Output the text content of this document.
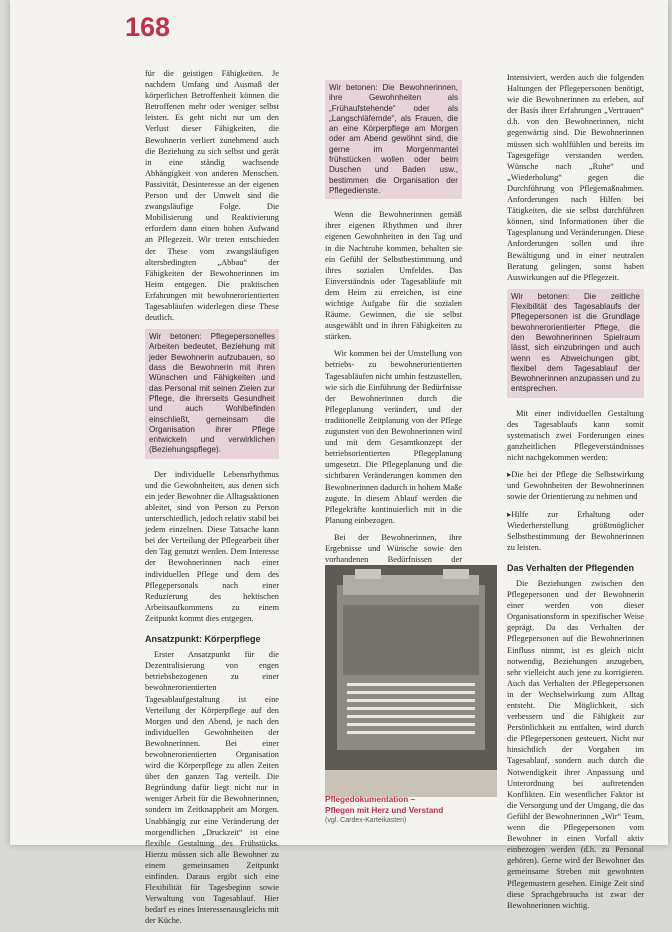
168

für die geistigen Fähigkeiten. Je nachdem Umfang und Ausmaß der körperlichen Betroffenheit können die Betroffenen mehr oder weniger selbst leisten. Es geht nicht nur um den Verlust dieser Fähigkeiten, die Bewohnerin verliert zunehmend auch die Beziehung zu sich selbst und gerät in eine ständig wachsende Abhängigkeit von anderen Menschen. Passivität, Desinteresse an der eigenen Person und der Umwelt sind die zwangsläufige Folge. Die Mobilisierung und Reaktivierung erfordern dann einen hohen Aufwand an Pflegezeit. Wir treten entschieden der These vom zwangsläufigen altersbedingten „Abbau“ der Fähigkeiten der Bewohnerinnen im Heim entgegen. Die praktischen Erfahrungen mit bewohnerorientierten Tagesabläufen widerlegen diese These deutlich.

Wir betonen: Pflegepersonelles Arbeiten bedeutet, Beziehung mit jeder Bewohnerin aufzubauen, so dass die Bewohnerin mit ihren Wünschen und Fähigkeiten und das Personal mit seinen Zielen zur Pflege, die ihrerseits Gesundheit und auch Wohlbefinden einschließt, gemeinsam die Organisation ihrer Pflege entwickeln und verwirklichen (Beziehungspflege).

Der individuelle Lebensrhythmus und die Gewohnheiten, aus denen sich ein jeder Bewohner die Alltagsaktionen ableitet, sind von Person zu Person unterschiedlich, jedoch relativ stabil bei jedem einzelnen. Diese Tatsache kann bei der Verteilung der Pflegearbeit über den Tag genutzt werden. Dem Interesse der Bewohnerinnen nach einer individuellen Pflege und dem des Pflegepersonals nach einer Reduzierung des hektischen Arbeitsaufkommens zu einem Zeitpunkt kommt dies entgegen.

Ansatzpunkt: Körperpflege

Erster Ansatzpunkt für die Dezentralisierung von engen betriebsbezogenen zu einer bewohnerorientierten Tagesablaufgestaltung ist eine Verteilung der Körperpflege auf den Morgen und den Abend, je nach den individuellen Gewohnheiten der Bewohnerinnen. Bei einer bewohnerorientierten Organisation wird die Körperpflege zu allen Zeiten über den ganzen Tag verteilt. Die Begründung dafür liegt nicht nur in weniger Arbeit für die Bewohnerinnen, sondern im Zeitknappheit am Morgen. Unabhängig zur eine Veränderung der morgendlichen „Druckzeit“ ist eine flexible Gestaltung des Frühstücks. Hierzu müssen sich alle Bewohner zu einem gemeinsamen Zeitpunkt einfinden. Daraus ergibt sich eine Flexibilität für Tagesbeginn sowie Verwaltung von Tagesablauf. Hier bedarf es eines Interessenausgleichs mit der Küche.

Wir betonen: Die Bewohnerinnen, ihre Gewohnheiten als „Frühaufstehende“ oder als „Langschläfernde“, als Frauen, die an eine Körperpflege am Morgen oder am Abend gewöhnt sind, die gerne im Morgenmantel frühstücken wollen oder beim Duschen und Baden usw., bestimmen die Organisation der Pflegedienste.

Wenn die Bewohnerinnen gemäß ihrer eigenen Rhythmen und ihrer eigenen Gewohnheiten in den Tag und in die Nachtruhe kommen, behalten sie ein Gefühl der Selbstbestimmung und ihres sozialen Umfeldes. Das Einverständnis oder Tagesabläufe mit dem Heim zu erreichen, ist eine wichtige Aufgabe für die sozialen Räume. Gewinnen, die sie selbst ausgewählt und in ihren Fähigkeiten zu stärken.

Wir kommen bei der Umstellung von betriebs- zu bewohnerorientierten Tagesabläufen nicht umhin festzustellen, wie sich die Einführung der Bedürfnisse der Bewohnerinnen durch die Pflegeplanung verändert, und der traditionelle Zeitplanung von der Pflege zugunsten von den Bewohnerinnen wird und mit dem Gesamtkonzept der betriebsorientierten Pflegeplanung umgesetzt. Die Pflegeplanung und die sichtbaren Veränderungen kommen den Bewohnerinnen dadurch in hohem Maße zugute. In diesem Ablauf werden die Pflegekräfte kontinuierlich mit in die Planung einbezogen.

Bei der Bewohnerinnen, ihre Ergebnisse und Wünsche sowie den vorhandenen Bedürfnissen der

Pflegedokumentation –
Pflegen mit Herz und Verstand
(vgl. Cardex-Karteikasten)

Intensiviert, werden auch die folgenden Haltungen der Pflegepersonen benötigt, wie die Bewohnerinnen zu erleben, auf der Basis ihrer Erfahrungen „Vertrauen“ d.h. von den Bewohnerinnen, nicht gegenwärtig sind. Die Bewohnerinnen müssen sich wohlfühlen und bereits im Tagesgefüge verstanden werden. Wünsche nach „Ruhe“ und „Wiederholung“ gegen die Durchführung von Pflegemaßnahmen. Anforderungen nach Hilfen bei Tätigkeiten, die sie selbst durchführen können, sind Informationen über die Tagesplanung und Veränderungen. Diese Anforderungen sollen und ihre Bewältigung und in einer neutralen Beratung gelingen, sonst haben Auswirkungen auf die Pflegezeit.

Wir betonen: Die zeitliche Flexibilität des Tagesablaufs der Pflegepersonen ist die Grundlage bewohnerorientierter Pflege, die den Bewohnerinnen Spielraum lässt, sich einzubringen und auch wenn es Abweichungen gibt, flexibel dem Tagesablauf der Bewohnerinnen anzupassen und zu entsprechen.

Mit einer individuellen Gestaltung des Tagesablaufs kann somit systematisch zwei Forderungen eines ganzheitlichen Pflegeverständnisses nicht nachgekommen werden:

▸ Die bei der Pflege die Selbstwirkung und Gewohnheiten der Bewohnerinnen sowie der Orientierung zu nehmen und

▸ Hilfe zur Erhaltung oder Wiederherstellung größtmöglicher Selbstbestimmung der Bewohnerinnen zu leisten.

Das Verhalten der Pflegenden

Die Beziehungen zwischen den Pflegepersonen und der Bewohnerin einer werden von dieser Organisationsform in spezifischer Weise geprägt. Da das Verhalten der Pflegepersonen auf die Bewohnerinnen Einfluss nimmt, ist es gleich nicht notwendig, Beziehungen anzugeben, sehr vielleicht auch jene zu korrigieren. Auch das Verhalten der Pflegepersonen in der Wechselwirkung zum Alltag entsteht. Die Möglichkeit, sich verbessern und die Fähigkeit zur Persönlichkeit zu entfalten, wird durch die Pflegepersonen gesteuert. Nicht nur hinsichtlich der Vorgaben im Tagesablauf, sondern auch durch die Notwendigkeit ihrer Anpassung und Unterordnung bei auftretenden Konflikten. Ein wesentlicher Faktor ist die Versorgung und der Umgang, die das Gefühl der Bewohnerinnen „Wir“ Team, wenn die Pflegepersonen vom Bewohner in einen Vorfall aktiv einbezogen werden (d.h. zu Personal gehören). Gerne wird der Bewohner das gemeinsame Streben mit gewohnten Pflegemustern gesehen. Einige Zeit sind diese Sprachgebrauchs ist zwar der Bewohnerinnen wichtig.
